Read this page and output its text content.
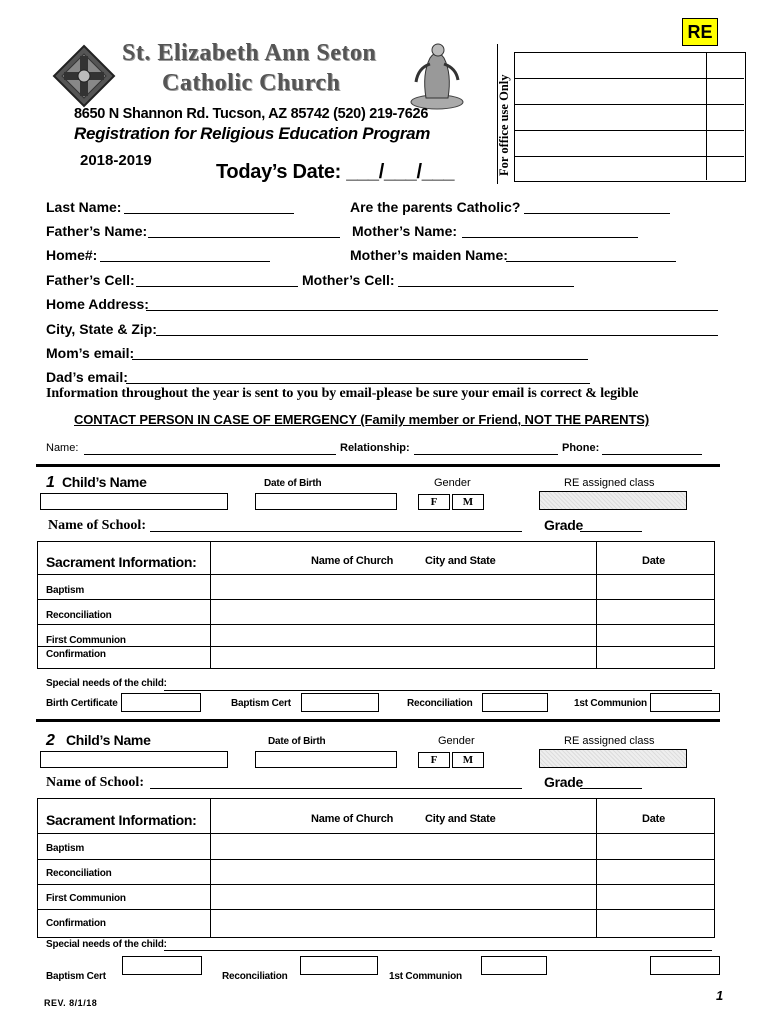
RE
St. Elizabeth Ann Seton
Catholic Church
8650 N Shannon Rd. Tucson, AZ 85742 (520) 219-7626
Registration for Religious Education Program
2018-2019
Today’s Date: ___/___/___	For office use Only
Last Name:	Are the parents Catholic?
Father’s Name:	Mother’s Name:
Home#:	Mother’s maiden Name:
Father’s Cell:	Mother’s Cell:
Home Address:
City, State & Zip:
Mom’s email:
Dad’s email:
Information throughout the year is sent to you by email-please be sure your email is correct & legible
CONTACT PERSON IN CASE OF EMERGENCY (Family member or Friend, NOT THE PARENTS)
Name:	Relationship:	Phone:
1 Child’s Name	Date of Birth	Gender	RE assigned class
F	M
Name of School:	Grade
Sacrament Information:	Name of Church	City and State	Date
Baptism
Reconciliation
First Communion
Confirmation
Special needs of the child:
Birth Certificate	Baptism Cert	Reconciliation	1st Communion
2 Child’s Name	Date of Birth	Gender	RE assigned class
F	M
Name of School:	Grade
Sacrament Information:	Name of Church	City and State	Date
Baptism
Reconciliation
First Communion
Confirmation
Special needs of the child:
Baptism Cert	Reconciliation	1st Communion
REV. 8/1/18	1
